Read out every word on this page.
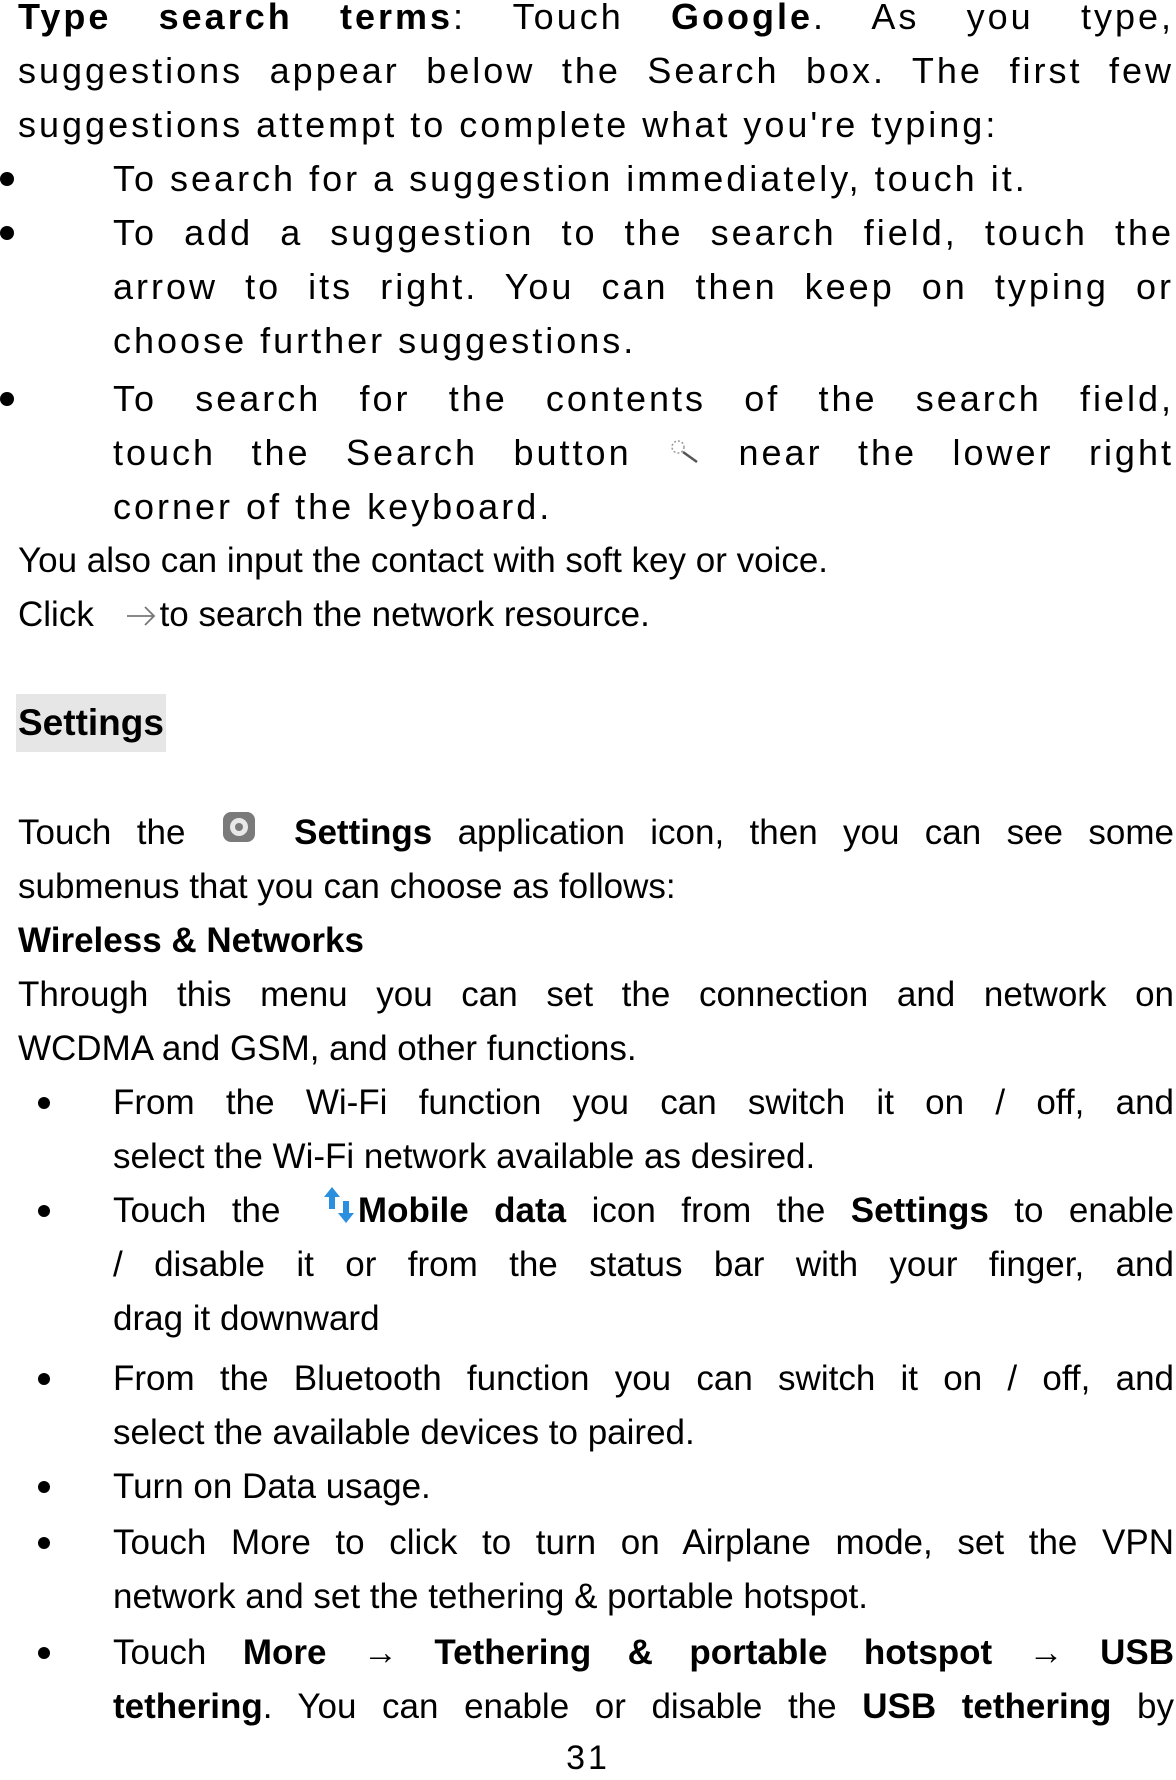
Type search terms: Touch Google. As you type,
suggestions appear below the Search box. The first few
suggestions attempt to complete what you're typing:
To search for a suggestion immediately, touch it.
To add a suggestion to the search field, touch the
arrow to its right. You can then keep on typing or
choose further suggestions.
To search for the contents of the search field,
touch the Search button	near the lower right
corner of the keyboard.
You also can input the contact with soft key or voice.
Click to search the network resource.
Settings
Touch the	Settings application icon, then you can see some
submenus that you can choose as follows:
Wireless & Networks
Through this menu you can set the connection and network on
WCDMA and GSM, and other functions.
From the Wi-Fi function you can switch it on / off, and
select the Wi-Fi network available as desired.
Touch the Mobile data icon from the Settings to enable
/ disable it or from the status bar with your finger, and
drag it downward
From the Bluetooth function you can switch it on / off, and
select the available devices to paired.
Turn on Data usage.
Touch More to click to turn on Airplane mode, set the VPN
network and set the tethering & portable hotspot.
Touch More → Tethering & portable hotspot → USB
tethering. You can enable or disable the USB tethering by
31
